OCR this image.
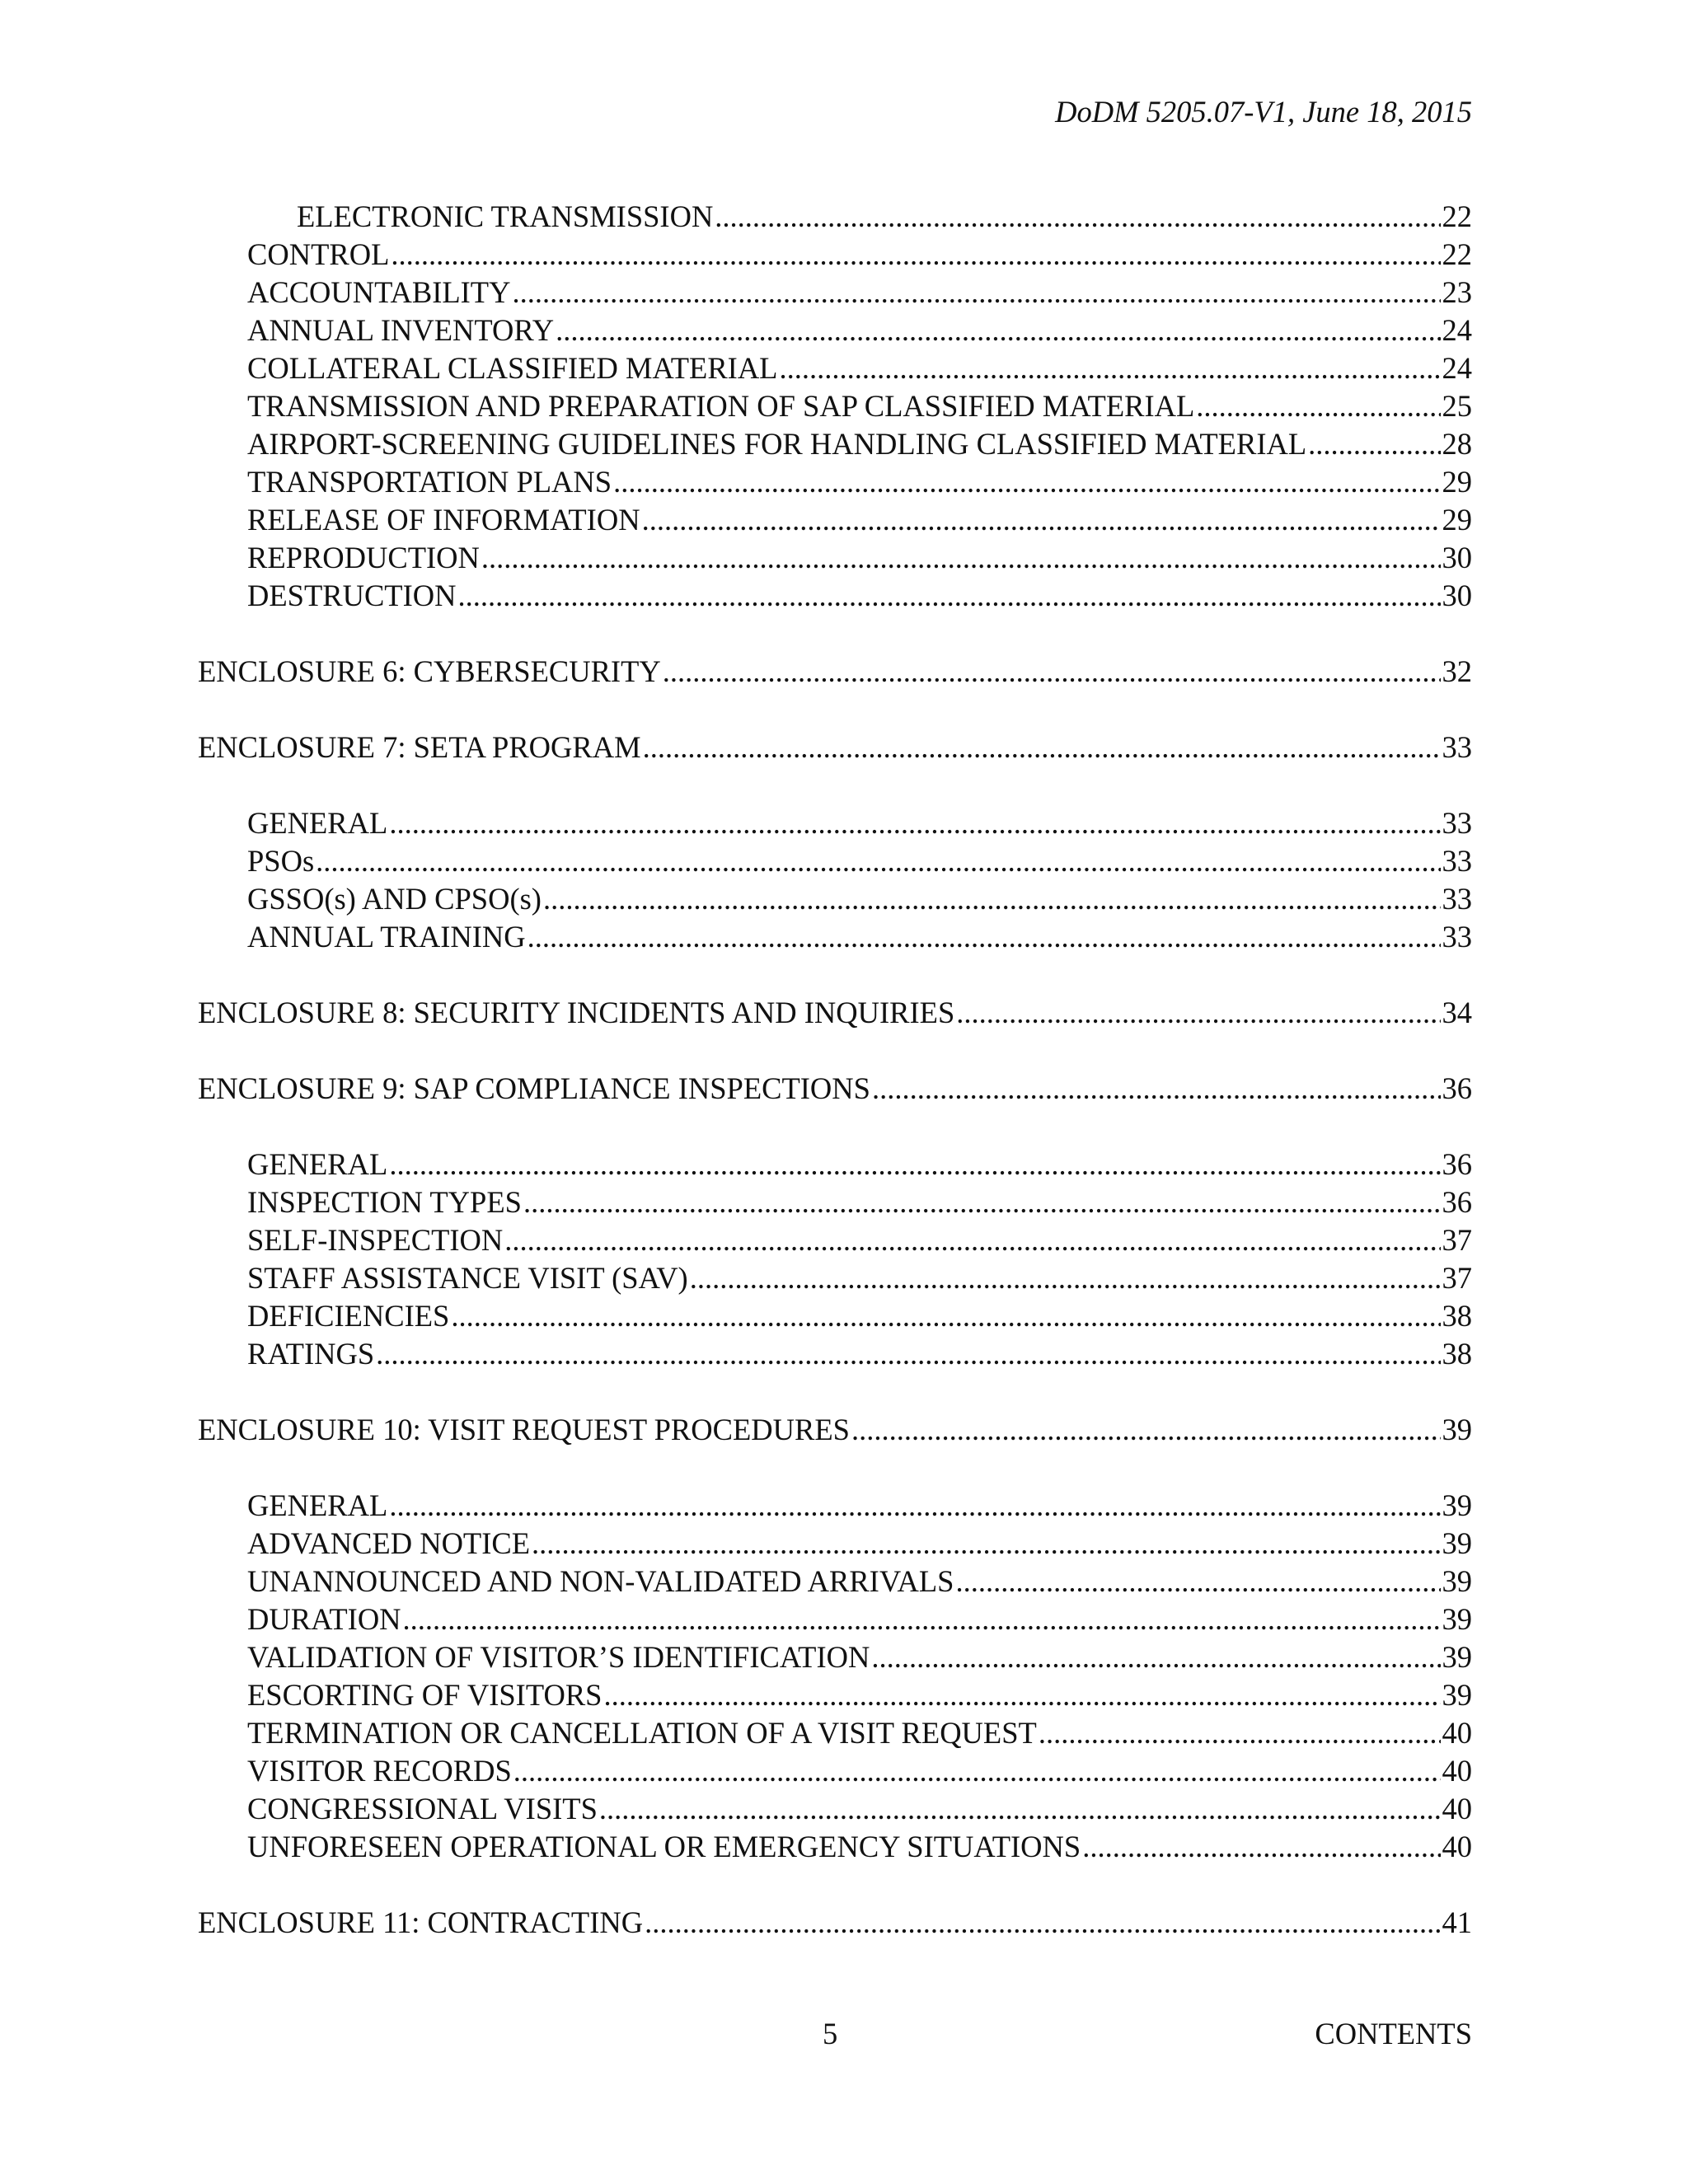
DoDM 5205.07-V1, June 18, 2015
ELECTRONIC TRANSMISSION .....	22
CONTROL .....	22
ACCOUNTABILITY .....	23
ANNUAL INVENTORY .....	24
COLLATERAL CLASSIFIED MATERIAL .....	24
TRANSMISSION AND PREPARATION OF SAP CLASSIFIED MATERIAL .....	25
AIRPORT-SCREENING GUIDELINES FOR HANDLING CLASSIFIED MATERIAL .....	28
TRANSPORTATION PLANS .....	29
RELEASE OF INFORMATION .....	29
REPRODUCTION .....	30
DESTRUCTION .....	30
ENCLOSURE 6: CYBERSECURITY .....	32
ENCLOSURE 7: SETA PROGRAM .....	33
GENERAL .....	33
PSOs .....	33
GSSO(s) AND CPSO(s) .....	33
ANNUAL TRAINING .....	33
ENCLOSURE 8: SECURITY INCIDENTS AND INQUIRIES .....	34
ENCLOSURE 9: SAP COMPLIANCE INSPECTIONS .....	36
GENERAL .....	36
INSPECTION TYPES .....	36
SELF-INSPECTION .....	37
STAFF ASSISTANCE VISIT (SAV) .....	37
DEFICIENCIES .....	38
RATINGS .....	38
ENCLOSURE 10: VISIT REQUEST PROCEDURES .....	39
GENERAL .....	39
ADVANCED NOTICE .....	39
UNANNOUNCED AND NON-VALIDATED ARRIVALS .....	39
DURATION .....	39
VALIDATION OF VISITOR’S IDENTIFICATION .....	39
ESCORTING OF VISITORS .....	39
TERMINATION OR CANCELLATION OF A VISIT REQUEST .....	40
VISITOR RECORDS .....	40
CONGRESSIONAL VISITS .....	40
UNFORESEEN OPERATIONAL OR EMERGENCY SITUATIONS .....	40
ENCLOSURE 11: CONTRACTING .....	41
5	CONTENTS
